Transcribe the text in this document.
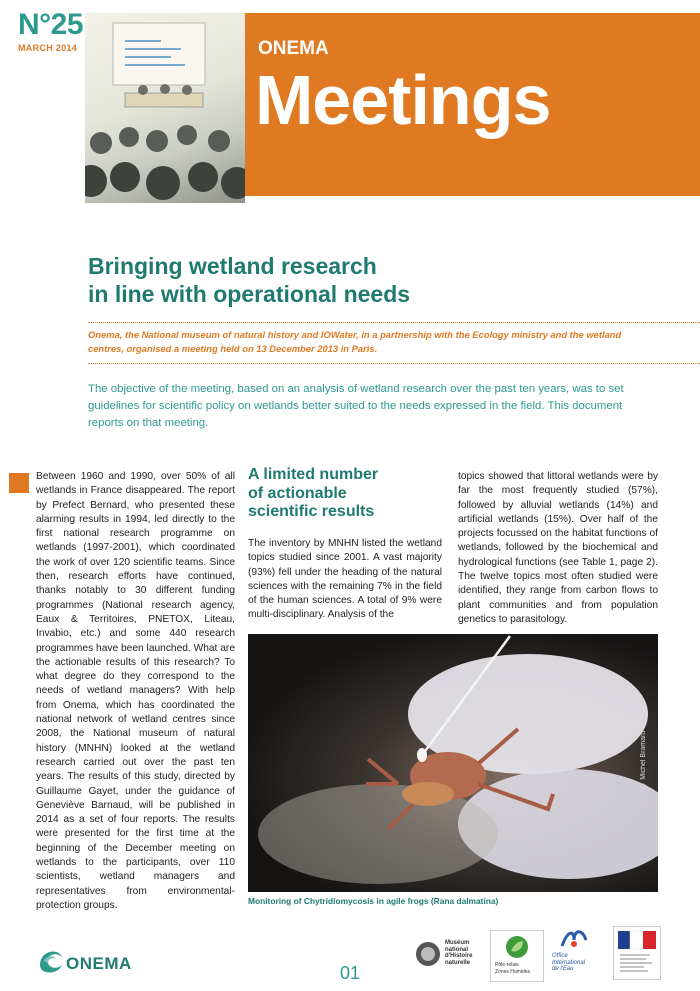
N°25
MARCH 2014	ONEMA
Meetings
Bringing wetland research
in line with operational needs
Onema, the National museum of natural history and IOWater, in a partnership with the Ecology ministry and the wetland centres, organised a meeting held on 13 December 2013 in Paris.
The objective of the meeting, based on an analysis of wetland research over the past ten years, was to set guidelines for scientific policy on wetlands better suited to the needs expressed in the field. This document reports on that meeting.
Between 1960 and 1990, over 50% of all wetlands in France disappeared. The report by Prefect Bernard, who presented these alarming results in 1994, led directly to the first national research programme on wetlands (1997-2001), which coordinated the work of over 120 scientific teams. Since then, research efforts have continued, thanks notably to 30 different funding programmes (National research agency, Eaux & Territoires, PNETOX, Liteau, Invabio, etc.) and some 440 research programmes have been launched. What are the actionable results of this research? To what degree do they correspond to the needs of wetland managers? With help from Onema, which has coordinated the national network of wetland centres since 2008, the National museum of natural history (MNHN) looked at the wetland research carried out over the past ten years. The results of this study, directed by Guillaume Gayet, under the guidance of Geneviève Barnaud, will be published in 2014 as a set of four reports. The results were presented for the first time at the beginning of the December meeting on wetlands to the participants, over 110 scientists, wetland managers and representatives from environmental-protection groups.
A limited number
of actionable
scientific results
The inventory by MNHN listed the wetland topics studied since 2001. A vast majority (93%) fell under the heading of the natural sciences with the remaining 7% in the field of the human sciences. A total of 9% were multi-disciplinary. Analysis of the
topics showed that littoral wetlands were by far the most frequently studied (57%), followed by alluvial wetlands (14%) and artificial wetlands (15%). Over half of the projects focussed on the habitat functions of wetlands, followed by the biochemical and hydrological functions (see Table 1, page 2). The twelve topics most often studied were identified, they range from carbon flows to plant communities and from population genetics to parasitology.
© Michel Bramard – Onema
Monitoring of Chytridiomycosis in agile frogs (Rana dalmatina)
ONEMA	01
Muséum
national
d'Histoire
naturelle	Pôle-relais
Zones Humides
Office
International
de l'Eau
